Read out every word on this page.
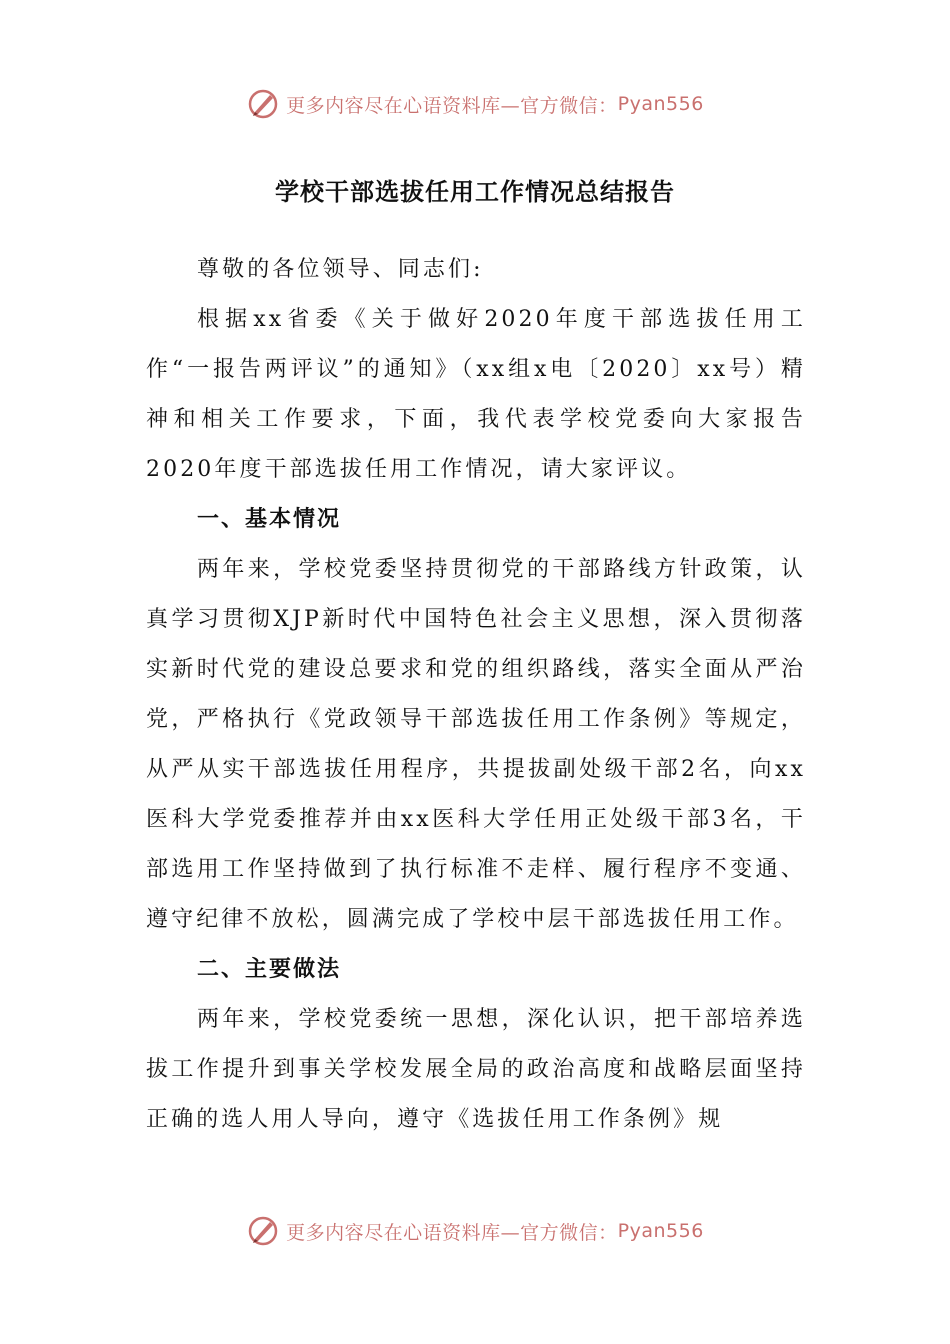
更多内容尽在心语资料库—官方微信： Pyan556
学校干部选拔任用工作情况总结报告

尊敬的各位领导、同志们:

根据xx省委《关于做好2020年度干部选拔任用工作“一报告两评议”的通知》（xx组x电〔2020〕xx号）精神和相关工作要求，下面，我代表学校党委向大家报告2020年度干部选拔任用工作情况，请大家评议。

一、基本情况

两年来，学校党委坚持贯彻党的干部路线方针政策，认真学习贯彻XJP新时代中国特色社会主义思想，深入贯彻落实新时代党的建设总要求和党的组织路线，落实全面从严治党，严格执行《党政领导干部选拔任用工作条例》等规定，从严从实干部选拔任用程序，共提拔副处级干部2名，向xx医科大学党委推荐并由xx医科大学任用正处级干部3名，干部选用工作坚持做到了执行标准不走样、履行程序不变通、遵守纪律不放松，圆满完成了学校中层干部选拔任用工作。

二、主要做法

两年来，学校党委统一思想，深化认识，把干部培养选拔工作提升到事关学校发展全局的政治高度和战略层面坚持正确的选人用人导向，遵守《选拔任用工作条例》规

更多内容尽在心语资料库—官方微信： Pyan556
